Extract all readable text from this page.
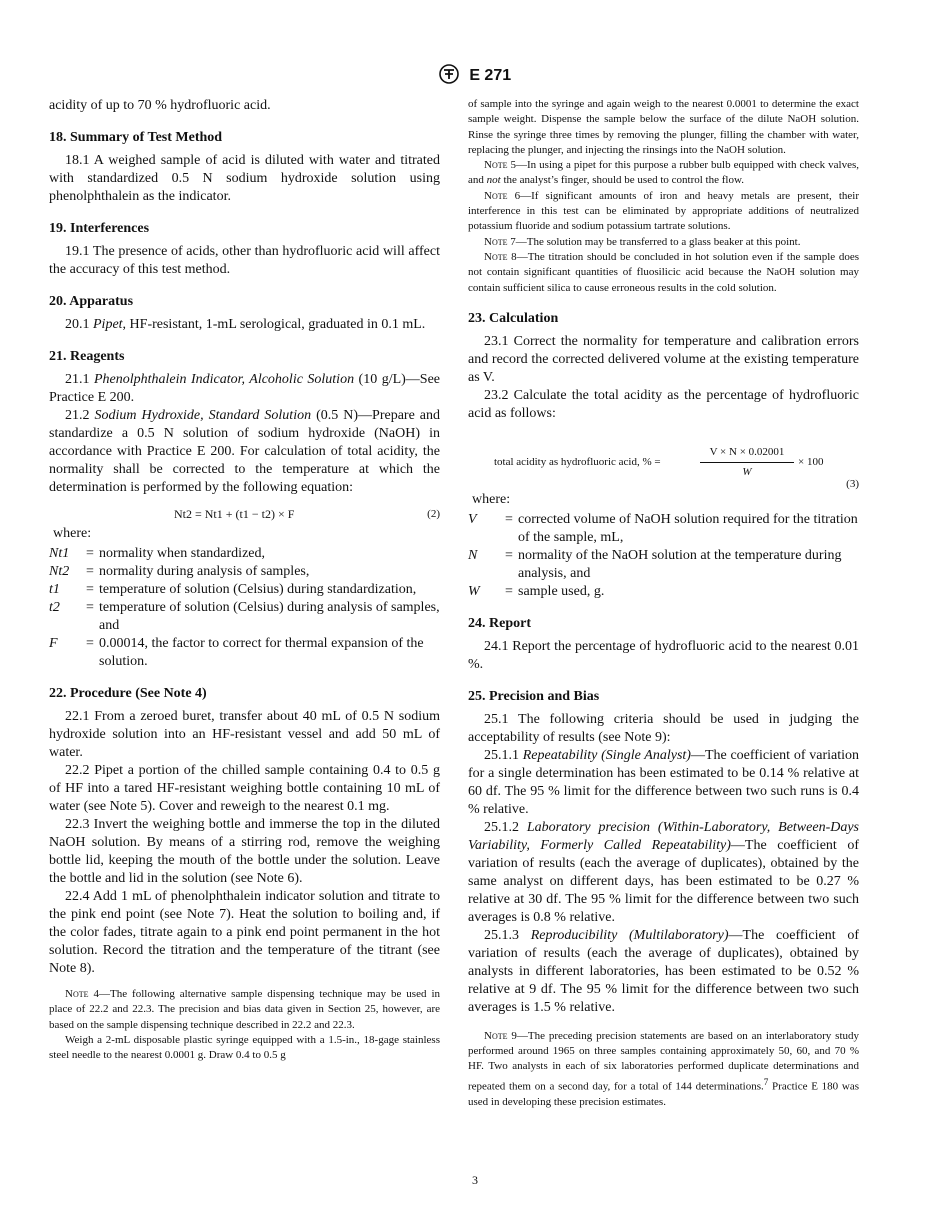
E 271

acidity of up to 70 % hydrofluoric acid.

18. Summary of Test Method

18.1 A weighed sample of acid is diluted with water and titrated with standardized 0.5 N sodium hydroxide solution using phenolphthalein as the indicator.

19. Interferences

19.1 The presence of acids, other than hydrofluoric acid will affect the accuracy of this test method.

20. Apparatus

20.1 Pipet, HF-resistant, 1-mL serological, graduated in 0.1 mL.

21. Reagents

21.1 Phenolphthalein Indicator, Alcoholic Solution (10 g/L)—See Practice E 200.

21.2 Sodium Hydroxide, Standard Solution (0.5 N)—Prepare and standardize a 0.5 N solution of sodium hydroxide (NaOH) in accordance with Practice E 200. For calculation of total acidity, the normality shall be corrected to the temperature at which the determination is performed by the following equation:

Nt2 = Nt1 + (t1 − t2) × F	(2)

where:

Nt1	=	normality when standardized,
Nt2	=	normality during analysis of samples,
t1	=	temperature of solution (Celsius) during standardization,
t2	=	temperature of solution (Celsius) during analysis of samples, and
F	=	0.00014, the factor to correct for thermal expansion of the solution.
22. Procedure (See Note 4)

22.1 From a zeroed buret, transfer about 40 mL of 0.5 N sodium hydroxide solution into an HF-resistant vessel and add 50 mL of water.

22.2 Pipet a portion of the chilled sample containing 0.4 to 0.5 g of HF into a tared HF-resistant weighing bottle containing 10 mL of water (see Note 5). Cover and reweigh to the nearest 0.1 mg.

22.3 Invert the weighing bottle and immerse the top in the diluted NaOH solution. By means of a stirring rod, remove the weighing bottle lid, keeping the mouth of the bottle under the solution. Leave the bottle and lid in the solution (see Note 6).

22.4 Add 1 mL of phenolphthalein indicator solution and titrate to the pink end point (see Note 7). Heat the solution to boiling and, if the color fades, titrate again to a pink end point permanent in the hot solution. Record the titration and the temperature of the titrant (see Note 8).

Note 4—The following alternative sample dispensing technique may be used in place of 22.2 and 22.3. The precision and bias data given in Section 25, however, are based on the sample dispensing technique described in 22.2 and 22.3.

Weigh a 2-mL disposable plastic syringe equipped with a 1.5-in., 18-gage stainless steel needle to the nearest 0.0001 g. Draw 0.4 to 0.5 g

of sample into the syringe and again weigh to the nearest 0.0001 to determine the exact sample weight. Dispense the sample below the surface of the dilute NaOH solution. Rinse the syringe three times by removing the plunger, filling the chamber with water, replacing the plunger, and injecting the rinsings into the NaOH solution.

Note 5—In using a pipet for this purpose a rubber bulb equipped with check valves, and not the analyst’s finger, should be used to control the flow.

Note 6—If significant amounts of iron and heavy metals are present, their interference in this test can be eliminated by appropriate additions of neutralized potassium fluoride and sodium potassium tartrate solutions.

Note 7—The solution may be transferred to a glass beaker at this point.

Note 8—The titration should be concluded in hot solution even if the sample does not contain significant quantities of fluosilicic acid because the NaOH solution may contain sufficient silica to cause erroneous results in the cold solution.

23. Calculation

23.1 Correct the normality for temperature and calibration errors and record the corrected delivered volume at the existing temperature as V.

23.2 Calculate the total acidity as the percentage of hydrofluoric acid as follows:

total acidity as hydrofluoric acid, % =	$\frac{V \times N \times 0.02001}{W} \times 100$
(3)

where:

V	=	corrected volume of NaOH solution required for the titration of the sample, mL,
N	=	normality of the NaOH solution at the temperature during analysis, and
W	=	sample used, g.
24. Report

24.1 Report the percentage of hydrofluoric acid to the nearest 0.01 %.

25. Precision and Bias

25.1 The following criteria should be used in judging the acceptability of results (see Note 9):

25.1.1 Repeatability (Single Analyst)—The coefficient of variation for a single determination has been estimated to be 0.14 % relative at 60 df. The 95 % limit for the difference between two such runs is 0.4 % relative.

25.1.2 Laboratory precision (Within-Laboratory, Between-Days Variability, Formerly Called Repeatability)—The coefficient of variation of results (each the average of duplicates), obtained by the same analyst on different days, has been estimated to be 0.27 % relative at 30 df. The 95 % limit for the difference between two such averages is 0.8 % relative.

25.1.3 Reproducibility (Multilaboratory)—The coefficient of variation of results (each the average of duplicates), obtained by analysts in different laboratories, has been estimated to be 0.52 % relative at 9 df. The 95 % limit for the difference between two such averages is 1.5 % relative.

Note 9—The preceding precision statements are based on an interlaboratory study performed around 1965 on three samples containing approximately 50, 60, and 70 % HF. Two analysts in each of six laboratories performed duplicate determinations and repeated them on a second day, for a total of 144 determinations.$^7$ Practice E 180 was used in developing these precision estimates.

3
